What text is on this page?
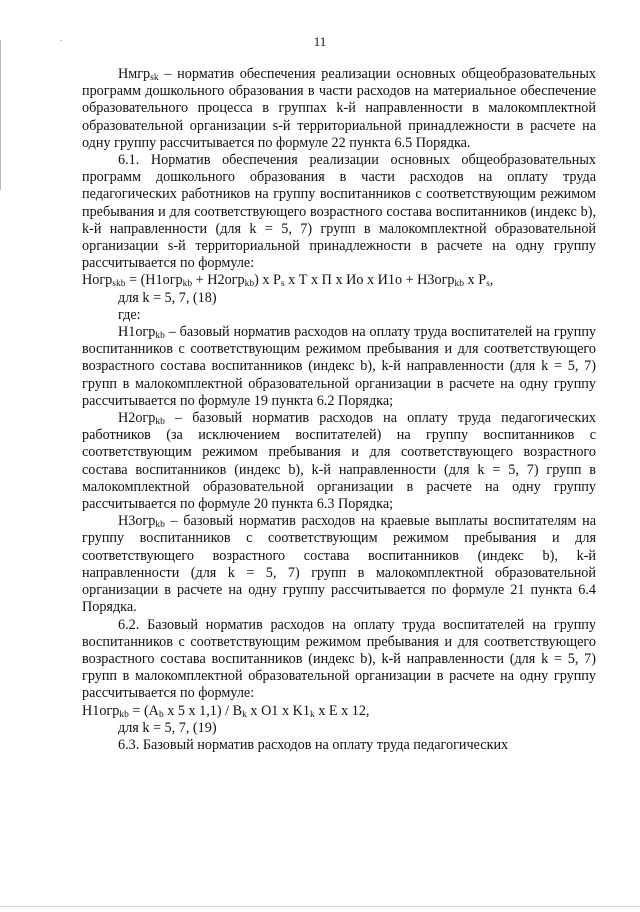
11

Нмгр$_{sk}$ – норматив обеспечения реализации основных общеобразовательных программ дошкольного образования в части расходов на материальное обеспечение образовательного процесса в группах k-й направленности в малокомплектной образовательной организации s-й территориальной принадлежности в расчете на одну группу рассчитывается по формуле 22 пункта 6.5 Порядка.

6.1. Норматив обеспечения реализации основных общеобразовательных программ дошкольного образования в части расходов на оплату труда педагогических работников на группу воспитанников с соответствующим режимом пребывания и для соответствующего возрастного состава воспитанников (индекс b), k-й направленности (для k = 5, 7) групп в малокомплектной образовательной организации s-й территориальной принадлежности в расчете на одну группу рассчитывается по формуле:

Ногр$_{skb}$ = (Н1огр$_{kb}$ + Н2огр$_{kb}$) х $P_s$ х Т х П х Ио х И1о + Н3огр$_{kb}$ х $P_s$,

для k = 5, 7, (18)

где:

Н1огр$_{kb}$ – базовый норматив расходов на оплату труда воспитателей на группу воспитанников с соответствующим режимом пребывания и для соответствующего возрастного состава воспитанников (индекс b), k-й направленности (для k = 5, 7) групп в малокомплектной образовательной организации в расчете на одну группу рассчитывается по формуле 19 пункта 6.2 Порядка;

Н2огр$_{kb}$ – базовый норматив расходов на оплату труда педагогических работников (за исключением воспитателей) на группу воспитанников с соответствующим режимом пребывания и для соответствующего возрастного состава воспитанников (индекс b), k-й направленности (для k = 5, 7) групп в малокомплектной образовательной организации в расчете на одну группу рассчитывается по формуле 20 пункта 6.3 Порядка;

Н3огр$_{kb}$ – базовый норматив расходов на краевые выплаты воспитателям на группу воспитанников с соответствующим режимом пребывания и для соответствующего возрастного состава воспитанников (индекс b), k-й направленности (для k = 5, 7) групп в малокомплектной образовательной организации в расчете на одну группу рассчитывается по формуле 21 пункта 6.4 Порядка.

6.2. Базовый норматив расходов на оплату труда воспитателей на группу воспитанников с соответствующим режимом пребывания и для соответствующего возрастного состава воспитанников (индекс b), k-й направленности (для k = 5, 7) групп в малокомплектной образовательной организации в расчете на одну группу рассчитывается по формуле:

$Н1огр_{kb} = (A_b$ х 5 х $1,1) / B_k$ х О1 х $K1_k$ х Е х 12,

для k = 5, 7, (19)

6.3. Базовый норматив расходов на оплату труда педагогических
